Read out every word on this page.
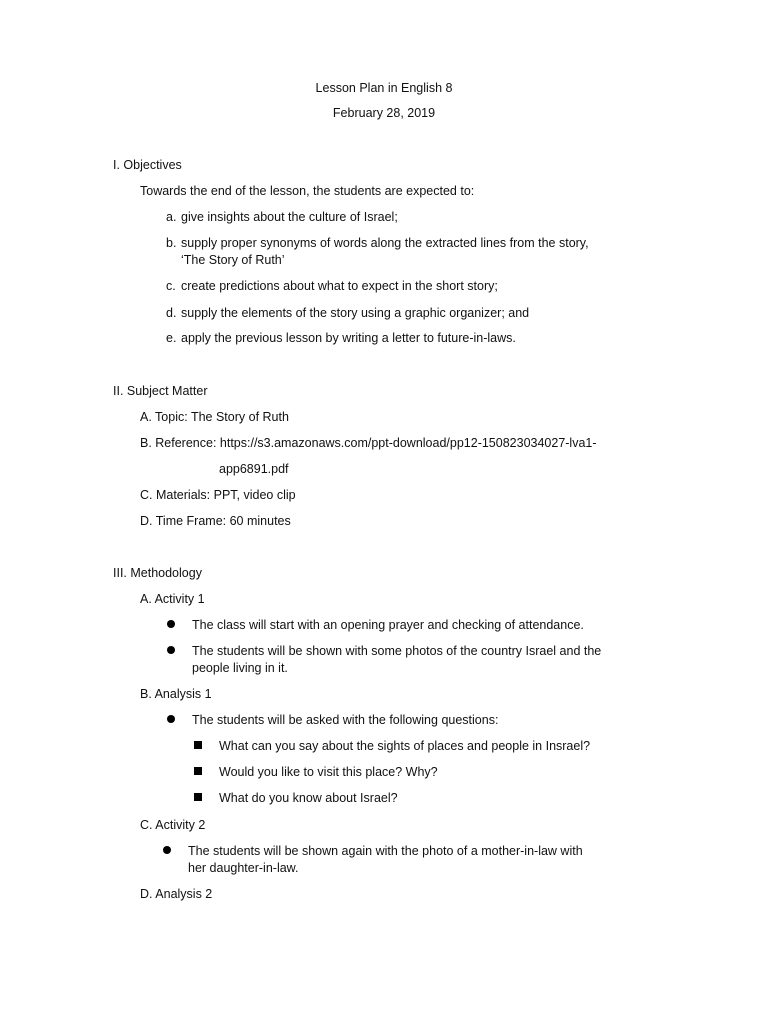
Lesson Plan in English 8
February 28, 2019
I. Objectives
Towards the end of the lesson, the students are expected to:
a. give insights about the culture of Israel;
b. supply proper synonyms of words along the extracted lines from the story,
‘The Story of Ruth’
c. create predictions about what to expect in the short story;
d. supply the elements of the story using a graphic organizer; and
e. apply the previous lesson by writing a letter to future-in-laws.
II. Subject Matter
A. Topic: The Story of Ruth
B. Reference: https://s3.amazonaws.com/ppt-download/pp12-150823034027-lva1-
app6891.pdf
C. Materials: PPT, video clip
D. Time Frame: 60 minutes
III. Methodology
A. Activity 1
The class will start with an opening prayer and checking of attendance.
The students will be shown with some photos of the country Israel and the
people living in it.
B. Analysis 1
The students will be asked with the following questions:
What can you say about the sights of places and people in Insrael?
Would you like to visit this place? Why?
What do you know about Israel?
C. Activity 2
The students will be shown again with the photo of a mother-in-law with
her daughter-in-law.
D. Analysis 2
